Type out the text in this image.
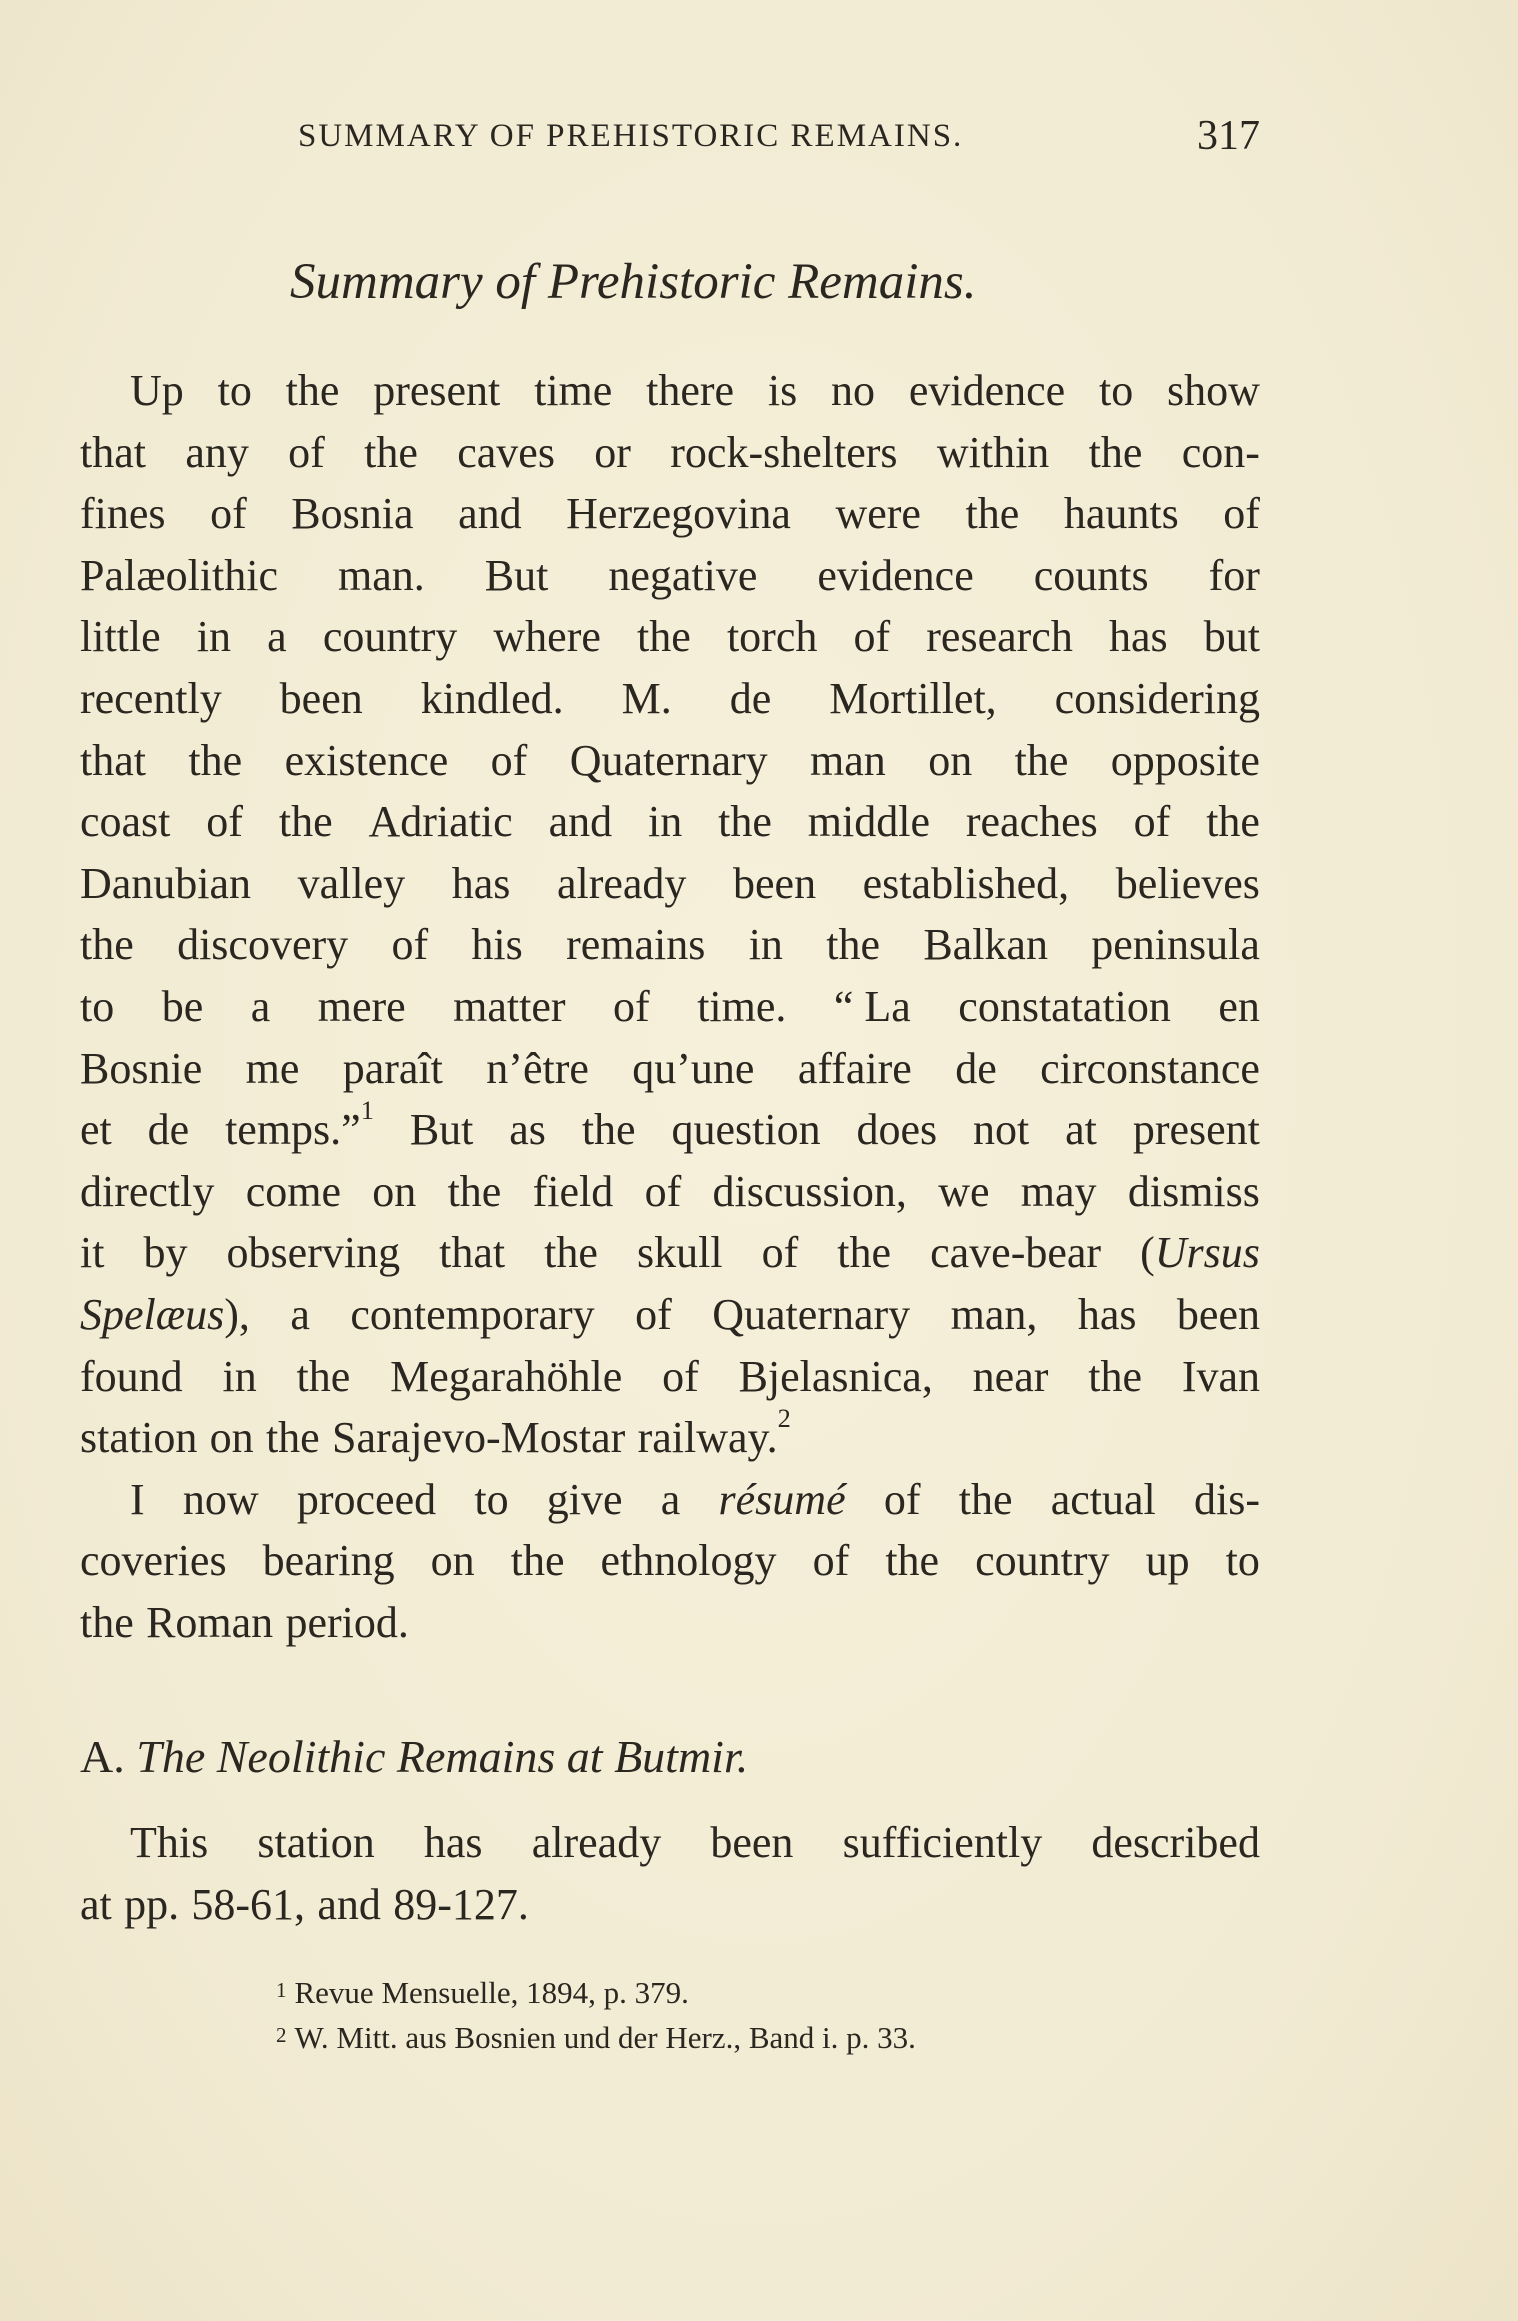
SUMMARY OF PREHISTORIC REMAINS.	317
Summary of Prehistoric Remains.
Up to the present time there is no evidence to show
that any of the caves or rock-shelters within the con-
fines of Bosnia and Herzegovina were the haunts of
Palæolithic man. But negative evidence counts for
little in a country where the torch of research has but
recently been kindled. M. de Mortillet, considering
that the existence of Quaternary man on the opposite
coast of the Adriatic and in the middle reaches of the
Danubian valley has already been established, believes
the discovery of his remains in the Balkan peninsula
to be a mere matter of time. “ La constatation en
Bosnie me paraît n’être qu’une affaire de circonstance
et de temps.”$^1$ But as the question does not at present
directly come on the field of discussion, we may dismiss
it by observing that the skull of the cave-bear (Ursus
Spelæus), a contemporary of Quaternary man, has been
found in the Megarahöhle of Bjelasnica, near the Ivan
station on the Sarajevo-Mostar railway.$^2$
I now proceed to give a résumé of the actual dis-
coveries bearing on the ethnology of the country up to
the Roman period.
A. The Neolithic Remains at Butmir.
This station has already been sufficiently described
at pp. 58-61, and 89-127.
1 Revue Mensuelle, 1894, p. 379.
2 W. Mitt. aus Bosnien und der Herz., Band i. p. 33.
